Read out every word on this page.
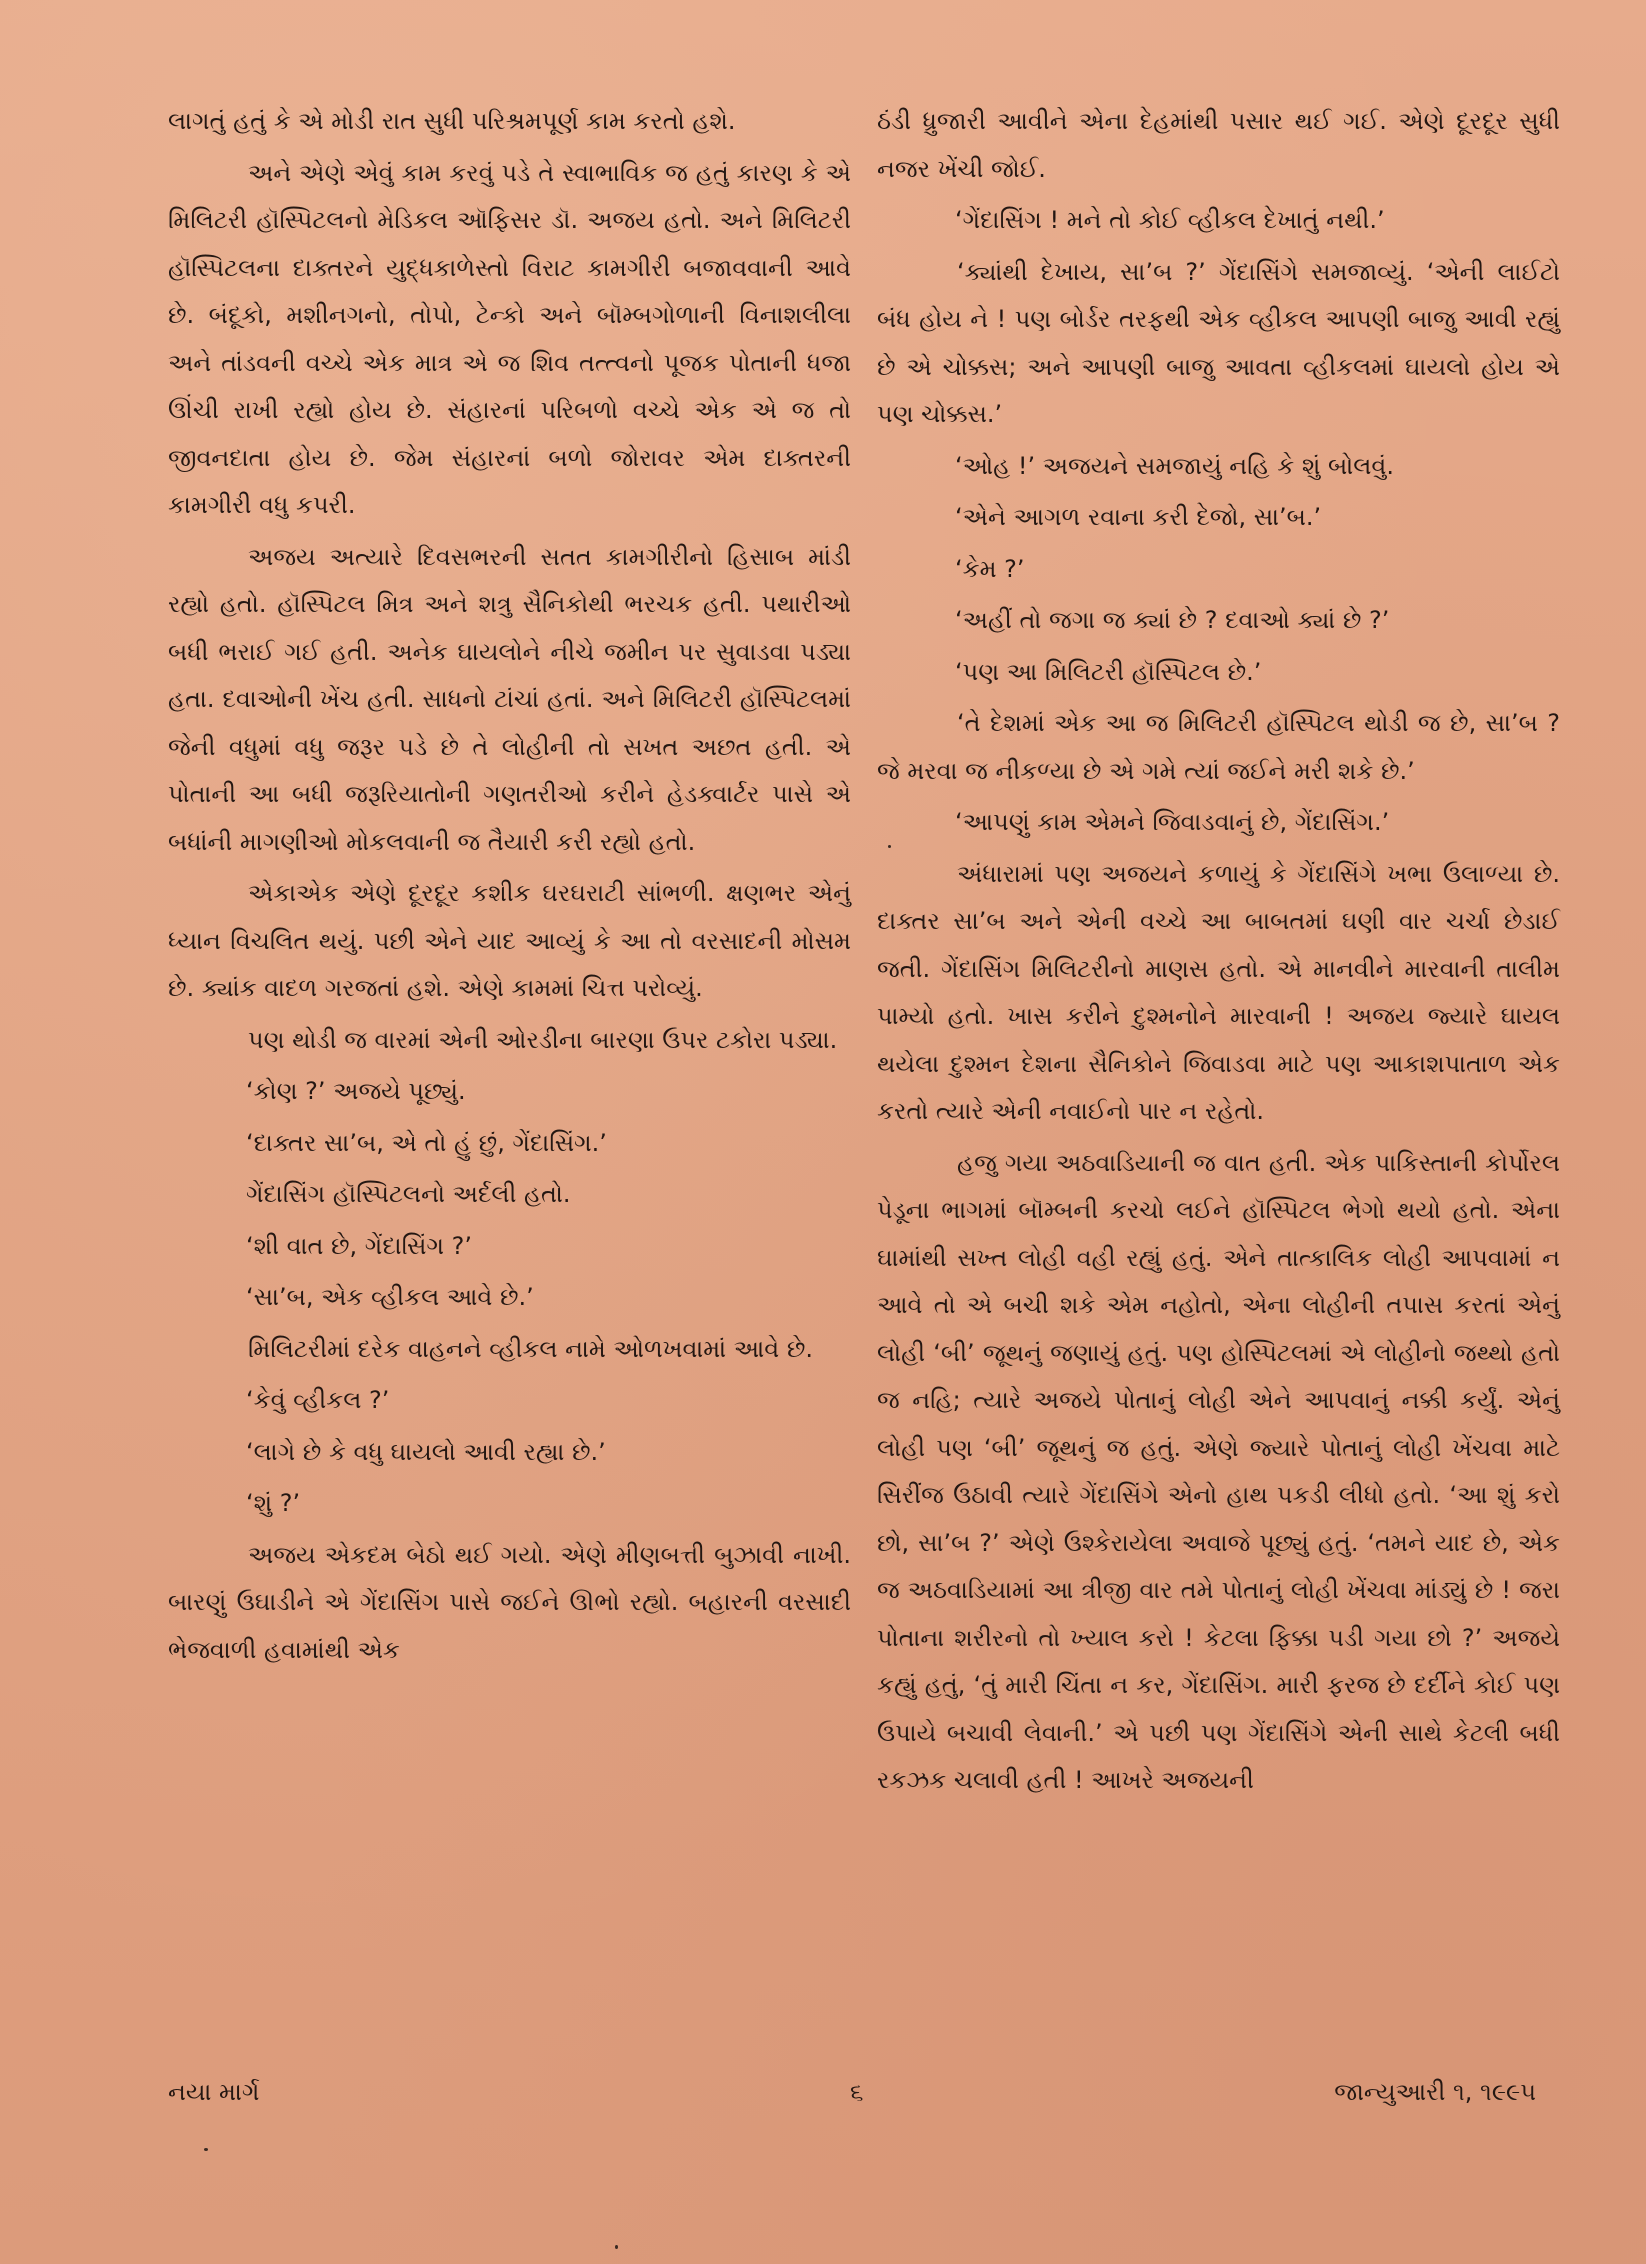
લાગતું હતું કે એ મોડી રાત સુધી પરિશ્રમપૂર્ણ કામ કરતો હશે.

અને એણે એવું કામ કરવું પડે તે સ્વાભાવિક જ હતું કારણ કે એ મિલિટરી હૉસ્પિટલનો મેડિકલ ઑફિસર ડૉ. અજય હતો. અને મિલિટરી હૉસ્પિટલના દાક્તરને યુદ્ધકાળેસ્તો વિરાટ કામગીરી બજાવવાની આવે છે. બંદૂકો, મશીનગનો, તોપો, ટેન્કો અને બૉમ્બગોળાની વિનાશલીલા અને તાંડવની વચ્ચે એક માત્ર એ જ શિવ તત્ત્વનો પૂજક પોતાની ધજા ઊંચી રાખી રહ્યો હોય છે. સંહારનાં પરિબળો વચ્ચે એક એ જ તો જીવનદાતા હોય છે. જેમ સંહારનાં બળો જોરાવર એમ દાક્તરની કામગીરી વધુ કપરી.

અજય અત્યારે દિવસભરની સતત કામગીરીનો હિસાબ માંડી રહ્યો હતો. હૉસ્પિટલ મિત્ર અને શત્રુ સૈનિકોથી ભરચક હતી. પથારીઓ બધી ભરાઈ ગઈ હતી. અનેક ઘાયલોને નીચે જમીન પર સુવાડવા પડ્યા હતા. દવાઓની ખેંચ હતી. સાધનો ટાંચાં હતાં. અને મિલિટરી હૉસ્પિટલમાં જેની વધુમાં વધુ જરૂર પડે છે તે લોહીની તો સખત અછત હતી. એ પોતાની આ બધી જરૂરિયાતોની ગણતરીઓ કરીને હેડક્વાર્ટર પાસે એ બધાંની માગણીઓ મોકલવાની જ તૈયારી કરી રહ્યો હતો.

એકાએક એણે દૂરદૂર કશીક ઘરઘરાટી સાંભળી. ક્ષણભર એનું ધ્યાન વિચલિત થયું. પછી એને યાદ આવ્યું કે આ તો વરસાદની મોસમ છે. ક્યાંક વાદળ ગરજતાં હશે. એણે કામમાં ચિત્ત પરોવ્યું.

પણ થોડી જ વારમાં એની ઓરડીના બારણા ઉપર ટકોરા પડ્યા.

‘કોણ ?’ અજયે પૂછ્યું.

‘દાક્તર સા’બ, એ તો હું છું, ગેંદાસિંગ.’

ગેંદાસિંગ હૉસ્પિટલનો અર્દલી હતો.

‘શી વાત છે, ગેંદાસિંગ ?’

‘સા’બ, એક વ્હીકલ આવે છે.’

મિલિટરીમાં દરેક વાહનને વ્હીકલ નામે ઓળખવામાં આવે છે.

‘કેવું વ્હીકલ ?’

‘લાગે છે કે વધુ ઘાયલો આવી રહ્યા છે.’

‘શું ?’

અજય એકદમ બેઠો થઈ ગયો. એણે મીણબત્તી બુઝાવી નાખી. બારણું ઉઘાડીને એ ગેંદાસિંગ પાસે જઈને ઊભો રહ્યો. બહારની વરસાદી ભેજવાળી હવામાંથી એક

ઠંડી ધ્રુજારી આવીને એના દેહમાંથી પસાર થઈ ગઈ. એણે દૂરદૂર સુધી નજર ખેંચી જોઈ.

‘ગેંદાસિંગ ! મને તો કોઈ વ્હીકલ દેખાતું નથી.’

‘ક્યાંથી દેખાય, સા’બ ?’ ગેંદાસિંગે સમજાવ્યું. ‘એની લાઈટો બંધ હોય ને ! પણ બોર્ડર તરફથી એક વ્હીકલ આપણી બાજુ આવી રહ્યું છે એ ચોક્કસ; અને આપણી બાજુ આવતા વ્હીકલમાં ઘાયલો હોય એ પણ ચોક્કસ.’

‘ઓહ !’ અજયને સમજાયું નહિ કે શું બોલવું.

‘એને આગળ રવાના કરી દેજો, સા’બ.’

‘કેમ ?’

‘અહીં તો જગા જ ક્યાં છે ? દવાઓ ક્યાં છે ?’

‘પણ આ મિલિટરી હૉસ્પિટલ છે.’

‘તે દેશમાં એક આ જ મિલિટરી હૉસ્પિટલ થોડી જ છે, સા’બ ? જે મરવા જ નીકળ્યા છે એ ગમે ત્યાં જઈને મરી શકે છે.’

‘આપણું કામ એમને જિવાડવાનું છે, ગેંદાસિંગ.’

અંધારામાં પણ અજયને કળાયું કે ગેંદાસિંગે ખભા ઉલાળ્યા છે. દાક્તર સા’બ અને એની વચ્ચે આ બાબતમાં ઘણી વાર ચર્ચા છેડાઈ જતી. ગેંદાસિંગ મિલિટરીનો માણસ હતો. એ માનવીને મારવાની તાલીમ પામ્યો હતો. ખાસ કરીને દુશ્મનોને મારવાની ! અજય જ્યારે ઘાયલ થયેલા દુશ્મન દેશના સૈનિકોને જિવાડવા માટે પણ આકાશપાતાળ એક કરતો ત્યારે એની નવાઈનો પાર ન રહેતો.

હજુ ગયા અઠવાડિયાની જ વાત હતી. એક પાકિસ્તાની કોર્પોરલ પેડૂના ભાગમાં બૉમ્બની કરચો લઈને હૉસ્પિટલ ભેગો થયો હતો. એના ઘામાંથી સખ્ત લોહી વહી રહ્યું હતું. એને તાત્કાલિક લોહી આપવામાં ન આવે તો એ બચી શકે એમ નહોતો, એના લોહીની તપાસ કરતાં એનું લોહી ‘બી’ જૂથનું જણાયું હતું. પણ હોસ્પિટલમાં એ લોહીનો જથ્થો હતો જ નહિ; ત્યારે અજયે પોતાનું લોહી એને આપવાનું નક્કી કર્યું. એનું લોહી પણ ‘બી’ જૂથનું જ હતું. એણે જ્યારે પોતાનું લોહી ખેંચવા માટે સિરીંજ ઉઠાવી ત્યારે ગેંદાસિંગે એનો હાથ પકડી લીધો હતો. ‘આ શું કરો છો, સા’બ ?’ એણે ઉશ્કેરાયેલા અવાજે પૂછ્યું હતું. ‘તમને યાદ છે, એક જ અઠવાડિયામાં આ ત્રીજી વાર તમે પોતાનું લોહી ખેંચવા માંડ્યું છે ! જરા પોતાના શરીરનો તો ખ્યાલ કરો ! કેટલા ફિક્કા પડી ગયા છો ?’ અજયે કહ્યું હતું, ‘તું મારી ચિંતા ન કર, ગેંદાસિંગ. મારી ફરજ છે દર્દીને કોઈ પણ ઉપાયે બચાવી લેવાની.’ એ પછી પણ ગેંદાસિંગે એની સાથે કેટલી બધી રકઝક ચલાવી હતી ! આખરે અજયની

નયા માર્ગ	૬	જાન્યુઆરી ૧, ૧૯૯૫
